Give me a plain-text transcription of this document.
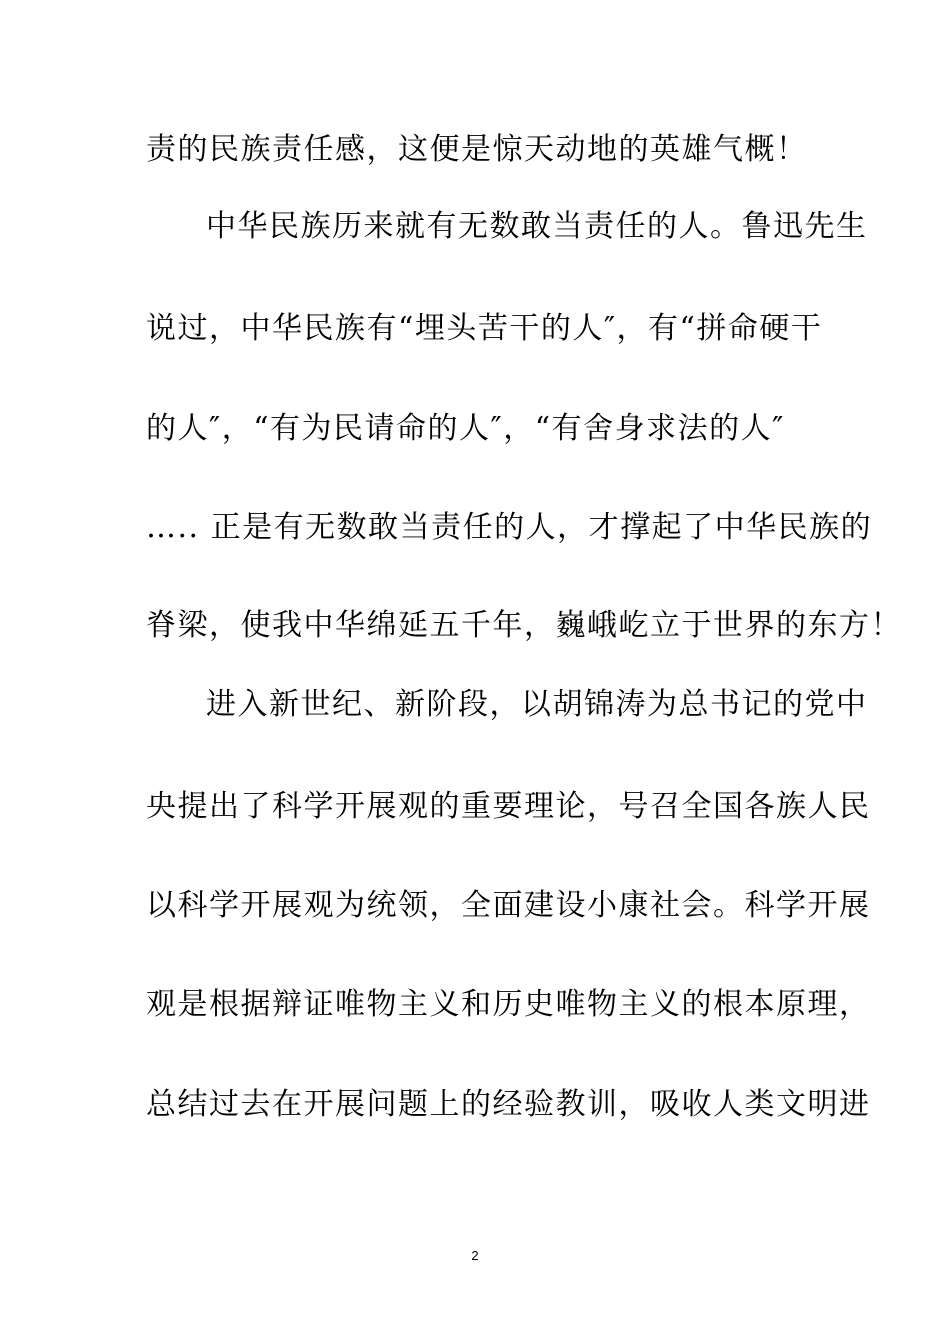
责的民族责任感，这便是惊天动地的英雄气概！
中华民族历来就有无数敢当责任的人。鲁迅先生
说过，中华民族有“埋头苦干的人″，有“拼命硬干
的人″，“有为民请命的人″，“有舍身求法的人″
….. 正是有无数敢当责任的人，才撑起了中华民族的
脊梁，使我中华绵延五千年，巍峨屹立于世界的东方！
进入新世纪、新阶段，以胡锦涛为总书记的党中
央提出了科学开展观的重要理论，号召全国各族人民
以科学开展观为统领，全面建设小康社会。科学开展
观是根据辩证唯物主义和历史唯物主义的根本原理，
总结过去在开展问题上的经验教训，吸收人类文明进
2
